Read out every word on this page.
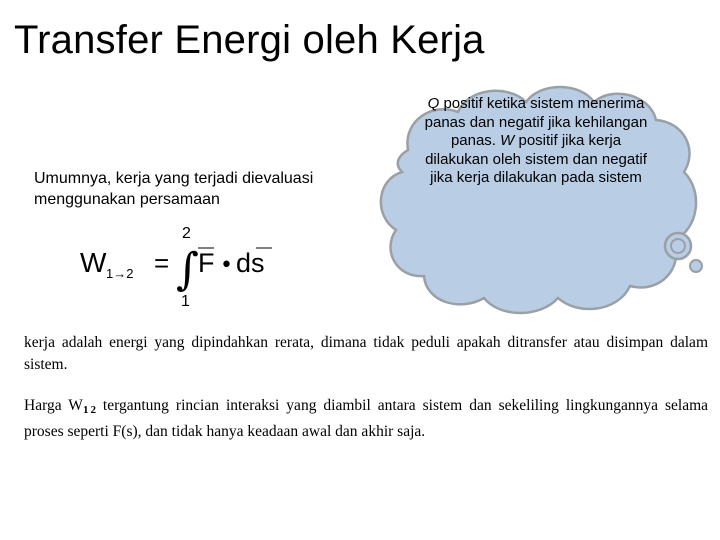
Transfer Energi oleh Kerja
Umumnya, kerja yang terjadi dievaluasi
menggunakan persamaan
2
W 1→2 = ∫ F • ds
1
Q positif ketika sistem menerima panas dan negatif jika kehilangan panas. W positif jika kerja dilakukan oleh sistem dan negatif jika kerja dilakukan pada sistem
kerja adalah energi yang dipindahkan rerata, dimana tidak peduli apakah ditransfer atau disimpan dalam sistem.
Harga $W_1$ $_2$ tergantung rincian interaksi yang diambil antara sistem dan sekeliling lingkungannya selama proses seperti F(s), dan tidak hanya keadaan awal dan akhir saja.
